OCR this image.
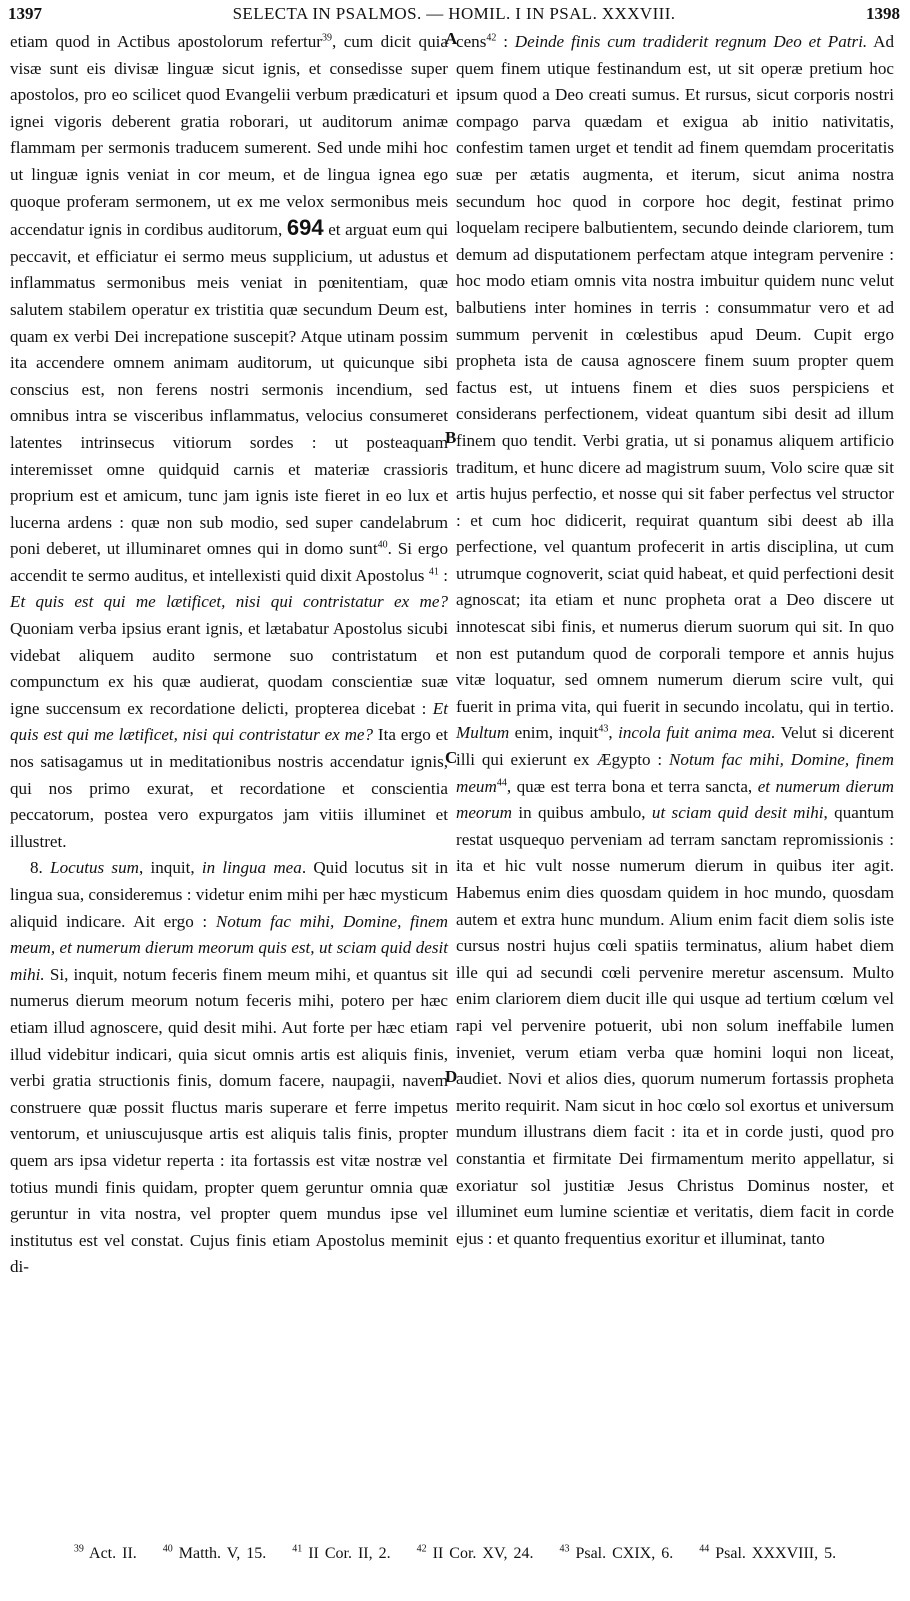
1397	SELECTA IN PSALMOS. — HOMIL. I IN PSAL. XXXVIII.	1398
A
B
C
D

etiam quod in Actibus apostolorum refertur$^{39}$, cum dicit quia visæ sunt eis divisæ linguæ sicut ignis, et consedisse super apostolos, pro eo scilicet quod Evangelii verbum prædicaturi et ignei vigoris deberent gratia roborari, ut auditorum animæ flammam per sermonis traducem sumerent. Sed unde mihi hoc ut linguæ ignis veniat in cor meum, et de lingua ignea ego quoque proferam sermonem, ut ex me velox sermonibus meis accendatur ignis in cordibus auditorum, 694 et arguat eum qui peccavit, et efficiatur ei sermo meus supplicium, ut adustus et inflammatus sermonibus meis veniat in pœnitentiam, quæ salutem stabilem operatur ex tristitia quæ secundum Deum est, quam ex verbi Dei increpatione suscepit? Atque utinam possim ita accendere omnem animam auditorum, ut quicunque sibi conscius est, non ferens nostri sermonis incendium, sed omnibus intra se visceribus inflammatus, velocius consumeret latentes intrinsecus vitiorum sordes : ut posteaquam interemisset omne quidquid carnis et materiæ crassioris proprium est et amicum, tunc jam ignis iste fieret in eo lux et lucerna ardens : quæ non sub modio, sed super candelabrum poni deberet, ut illuminaret omnes qui in domo sunt$^{40}$. Si ergo accendit te sermo auditus, et intellexisti quid dixit Apostolus $^{41}$ : Et quis est qui me lætificet, nisi qui contristatur ex me? Quoniam verba ipsius erant ignis, et lætabatur Apostolus sicubi videbat aliquem audito sermone suo contristatum et compunctum ex his quæ audierat, quodam conscientiæ suæ igne succensum ex recordatione delicti, propterea dicebat : Et quis est qui me lætificet, nisi qui contristatur ex me? Ita ergo et nos satisagamus ut in meditationibus nostris accendatur ignis, qui nos primo exurat, et recordatione et conscientia peccatorum, postea vero expurgatos jam vitiis illuminet et illustret.

8. Locutus sum, inquit, in lingua mea. Quid locutus sit in lingua sua, consideremus : videtur enim mihi per hæc mysticum aliquid indicare. Ait ergo : Notum fac mihi, Domine, finem meum, et numerum dierum meorum quis est, ut sciam quid desit mihi. Si, inquit, notum feceris finem meum mihi, et quantus sit numerus dierum meorum notum feceris mihi, potero per hæc etiam illud agnoscere, quid desit mihi. Aut forte per hæc etiam illud videbitur indicari, quia sicut omnis artis est aliquis finis, verbi gratia structionis finis, domum facere, naupagii, navem construere quæ possit fluctus maris superare et ferre impetus ventorum, et uniuscujusque artis est aliquis talis finis, propter quem ars ipsa videtur reperta : ita fortassis est vitæ nostræ vel totius mundi finis quidam, propter quem geruntur omnia quæ geruntur in vita nostra, vel propter quem mundus ipse vel institutus est vel constat. Cujus finis etiam Apostolus meminit di-

cens$^{42}$ : Deinde finis cum tradiderit regnum Deo et Patri. Ad quem finem utique festinandum est, ut sit operæ pretium hoc ipsum quod a Deo creati sumus. Et rursus, sicut corporis nostri compago parva quædam et exigua ab initio nativitatis, confestim tamen urget et tendit ad finem quemdam proceritatis suæ per ætatis augmenta, et iterum, sicut anima nostra secundum hoc quod in corpore hoc degit, festinat primo loquelam recipere balbutientem, secundo deinde clariorem, tum demum ad disputationem perfectam atque integram pervenire : hoc modo etiam omnis vita nostra imbuitur quidem nunc velut balbutiens inter homines in terris : consummatur vero et ad summum pervenit in cœlestibus apud Deum. Cupit ergo propheta ista de causa agnoscere finem suum propter quem factus est, ut intuens finem et dies suos perspiciens et considerans perfectionem, videat quantum sibi desit ad illum finem quo tendit. Verbi gratia, ut si ponamus aliquem artificio traditum, et hunc dicere ad magistrum suum, Volo scire quæ sit artis hujus perfectio, et nosse qui sit faber perfectus vel structor : et cum hoc didicerit, requirat quantum sibi deest ab illa perfectione, vel quantum profecerit in artis disciplina, ut cum utrumque cognoverit, sciat quid habeat, et quid perfectioni desit agnoscat; ita etiam et nunc propheta orat a Deo discere ut innotescat sibi finis, et numerus dierum suorum qui sit. In quo non est putandum quod de corporali tempore et annis hujus vitæ loquatur, sed omnem numerum dierum scire vult, qui fuerit in prima vita, qui fuerit in secundo incolatu, qui in tertio. Multum enim, inquit$^{43}$, incola fuit anima mea. Velut si dicerent illi qui exierunt ex Ægypto : Notum fac mihi, Domine, finem meum$^{44}$, quæ est terra bona et terra sancta, et numerum dierum meorum in quibus ambulo, ut sciam quid desit mihi, quantum restat usquequo perveniam ad terram sanctam repromissionis : ita et hic vult nosse numerum dierum in quibus iter agit. Habemus enim dies quosdam quidem in hoc mundo, quosdam autem et extra hunc mundum. Alium enim facit diem solis iste cursus nostri hujus cœli spatiis terminatus, alium habet diem ille qui ad secundi cœli pervenire meretur ascensum. Multo enim clariorem diem ducit ille qui usque ad tertium cœlum vel rapi vel pervenire potuerit, ubi non solum ineffabile lumen inveniet, verum etiam verba quæ homini loqui non liceat, audiet. Novi et alios dies, quorum numerum fortassis propheta merito requirit. Nam sicut in hoc cœlo sol exortus et universum mundum illustrans diem facit : ita et in corde justi, quod pro constantia et firmitate Dei firmamentum merito appellatur, si exoriatur sol justitiæ Jesus Christus Dominus noster, et illuminet eum lumine scientiæ et veritatis, diem facit in corde ejus : et quanto frequentius exoritur et illuminat, tanto

$^{39}$ Act. II.	$^{40}$ Matth. V, 15.	$^{41}$ II Cor. II, 2.	$^{42}$ II Cor. XV, 24.	$^{43}$ Psal. CXIX, 6.	$^{44}$ Psal. XXXVIII, 5.
